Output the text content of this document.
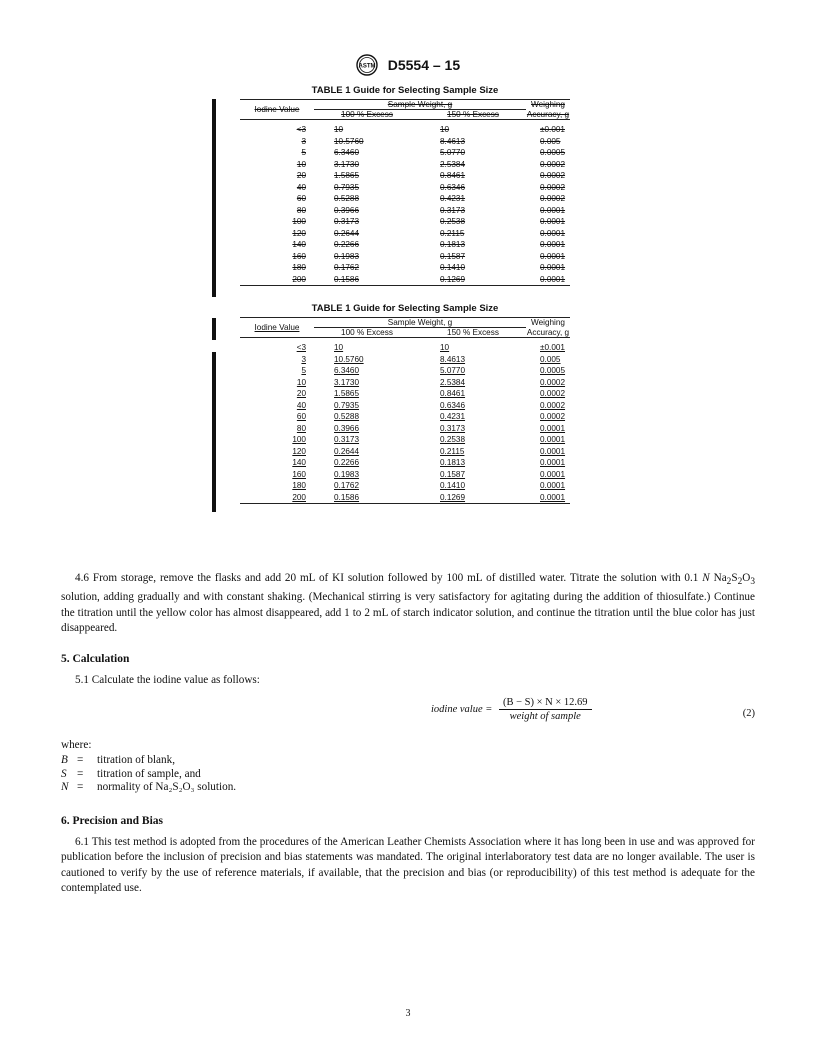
ASTM D5554 – 15
TABLE 1 Guide for Selecting Sample Size
Iodine Value	Sample Weight, g		Weighing
	100 % Excess	150 % Excess	Accuracy, g

<3	10	10	±0.001
3	10.5760	8.4613	0.005
5	6.3460	5.0770	0.0005
10	3.1730	2.5384	0.0002
20	1.5865	0.8461	0.0002
40	0.7935	0.6346	0.0002
60	0.5288	0.4231	0.0002
80	0.3966	0.3173	0.0001
100	0.3173	0.2538	0.0001
120	0.2644	0.2115	0.0001
140	0.2266	0.1813	0.0001
160	0.1983	0.1587	0.0001
180	0.1762	0.1410	0.0001
200	0.1586	0.1269	0.0001
TABLE 1 Guide for Selecting Sample Size
Iodine Value	Sample Weight, g		Weighing
	100 % Excess	150 % Excess	Accuracy, g

<3	10	10	±0.001
3	10.5760	8.4613	0.005
5	6.3460	5.0770	0.0005
10	3.1730	2.5384	0.0002
20	1.5865	0.8461	0.0002
40	0.7935	0.6346	0.0002
60	0.5288	0.4231	0.0002
80	0.3966	0.3173	0.0001
100	0.3173	0.2538	0.0001
120	0.2644	0.2115	0.0001
140	0.2266	0.1813	0.0001
160	0.1983	0.1587	0.0001
180	0.1762	0.1410	0.0001
200	0.1586	0.1269	0.0001

4.6 From storage, remove the flasks and add 20 mL of KI solution followed by 100 mL of distilled water. Titrate the solution with 0.1 N $Na_2S_2O_3$ solution, adding gradually and with constant shaking. (Mechanical stirring is very satisfactory for agitating during the addition of thiosulfate.) Continue the titration until the yellow color has almost disappeared, add 1 to 2 mL of starch indicator solution, and continue the titration until the blue color has just disappeared.

5. Calculation

5.1 Calculate the iodine value as follows:

iodine value = $\frac{(B - S) \times N \times 12.69}{\text{weight of sample}}$	(2)

where:

B =	titration of blank,
S =	titration of sample, and
N =	normality of Na₂S₂O₃ solution.

6. Precision and Bias

6.1 This test method is adopted from the procedures of the American Leather Chemists Association where it has long been in use and was approved for publication before the inclusion of precision and bias statements was mandated. The original interlaboratory test data are no longer available. The user is cautioned to verify by the use of reference materials, if available, that the precision and bias (or reproducibility) of this test method is adequate for the contemplated use.

3
